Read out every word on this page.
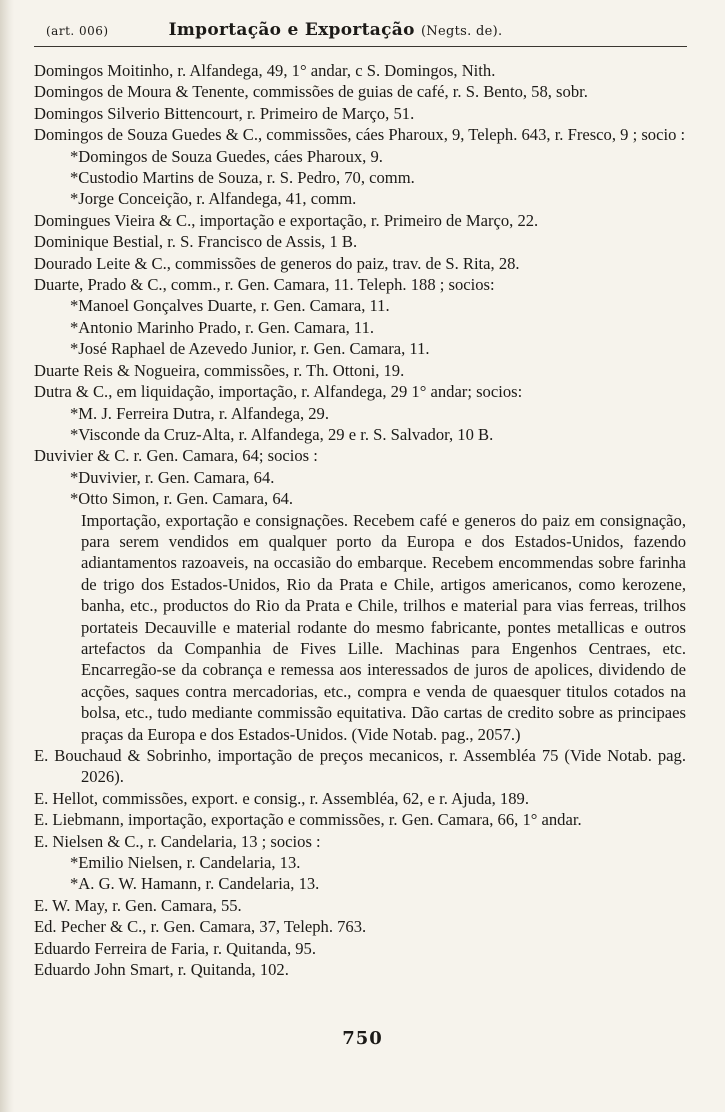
(art. 006)	Importação e Exportação (Negts. de).
Domingos Moitinho, r. Alfandega, 49, 1° andar, c S. Domingos, Nith.
Domingos de Moura & Tenente, commissões de guias de café, r. S. Bento, 58, sobr.
Domingos Silverio Bittencourt, r. Primeiro de Março, 51.
Domingos de Souza Guedes & C., commissões, cáes Pharoux, 9, Teleph. 643, r. Fresco, 9 ; socio :
*Domingos de Souza Guedes, cáes Pharoux, 9.
*Custodio Martins de Souza, r. S. Pedro, 70, comm.
*Jorge Conceição, r. Alfandega, 41, comm.
Domingues Vieira & C., importação e exportação, r. Primeiro de Março, 22.
Dominique Bestial, r. S. Francisco de Assis, 1 B.
Dourado Leite & C., commissões de generos do paiz, trav. de S. Rita, 28.
Duarte, Prado & C., comm., r. Gen. Camara, 11. Teleph. 188 ; socios:
*Manoel Gonçalves Duarte, r. Gen. Camara, 11.
*Antonio Marinho Prado, r. Gen. Camara, 11.
*José Raphael de Azevedo Junior, r. Gen. Camara, 11.
Duarte Reis & Nogueira, commissões, r. Th. Ottoni, 19.
Dutra & C., em liquidação, importação, r. Alfandega, 29 1° andar; socios:
*M. J. Ferreira Dutra, r. Alfandega, 29.
*Visconde da Cruz-Alta, r. Alfandega, 29 e r. S. Salvador, 10 B.
Duvivier & C. r. Gen. Camara, 64; socios :
*Duvivier, r. Gen. Camara, 64.
*Otto Simon, r. Gen. Camara, 64.
Importação, exportação e consignações. Recebem café e generos do paiz em consignação, para serem vendidos em qualquer porto da Europa e dos Estados-Unidos, fazendo adiantamentos razoaveis, na occasião do embarque. Recebem encommendas sobre farinha de trigo dos Estados-Unidos, Rio da Prata e Chile, artigos americanos, como kerozene, banha, etc., productos do Rio da Prata e Chile, trilhos e material para vias ferreas, trilhos portateis Decauville e material rodante do mesmo fabricante, pontes metallicas e outros artefactos da Companhia de Fives Lille. Machinas para Engenhos Centraes, etc. Encarregão-se da cobrança e remessa aos interessados de juros de apolices, dividendo de acções, saques contra mercadorias, etc., compra e venda de quaesquer titulos cotados na bolsa, etc., tudo mediante commissão equitativa. Dão cartas de credito sobre as principaes praças da Europa e dos Estados-Unidos. (Vide Notab. pag., 2057.)
E. Bouchaud & Sobrinho, importação de preços mecanicos, r. Assembléa 75 (Vide Notab. pag. 2026).
E. Hellot, commissões, export. e consig., r. Assembléa, 62, e r. Ajuda, 189.
E. Liebmann, importação, exportação e commissões, r. Gen. Camara, 66, 1° andar.
E. Nielsen & C., r. Candelaria, 13 ; socios :
*Emilio Nielsen, r. Candelaria, 13.
*A. G. W. Hamann, r. Candelaria, 13.
E. W. May, r. Gen. Camara, 55.
Ed. Pecher & C., r. Gen. Camara, 37, Teleph. 763.
Eduardo Ferreira de Faria, r. Quitanda, 95.
Eduardo John Smart, r. Quitanda, 102.
750
